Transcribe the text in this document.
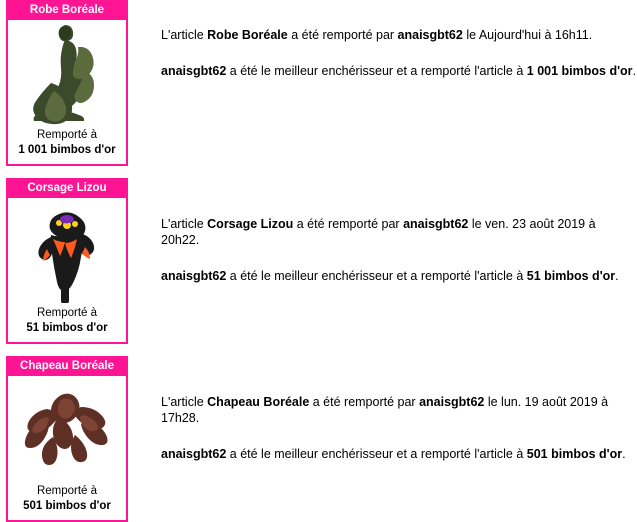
Robe Boréale
Remporté à
1 001 bimbos d'or
L'article Robe Boréale a été remporté par anaisgbt62 le Aujourd'hui à 16h11.
anaisgbt62 a été le meilleur enchérisseur et a remporté l'article à 1 001 bimbos d'or.
Corsage Lizou
Remporté à
51 bimbos d'or
L'article Corsage Lizou a été remporté par anaisgbt62 le ven. 23 août 2019 à 20h22.
anaisgbt62 a été le meilleur enchérisseur et a remporté l'article à 51 bimbos d'or.
Chapeau Boréale
Remporté à
501 bimbos d'or
L'article Chapeau Boréale a été remporté par anaisgbt62 le lun. 19 août 2019 à 17h28.
anaisgbt62 a été le meilleur enchérisseur et a remporté l'article à 501 bimbos d'or.
